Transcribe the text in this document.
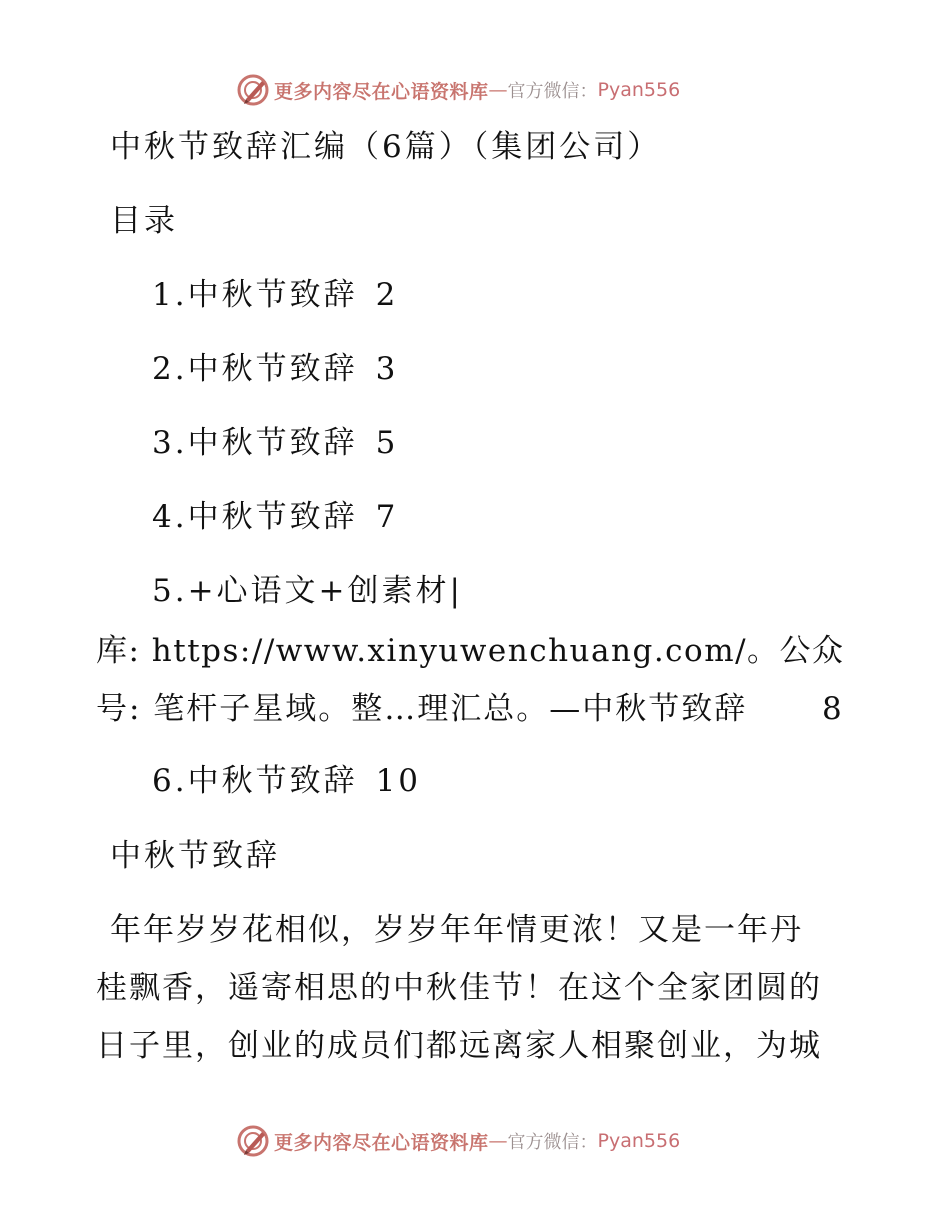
更多内容尽在心语资料库 — 官方微信： Pyan556
中秋节致辞汇编（6篇）（集团公司）
目录
1.中秋节致辞 2
2.中秋节致辞 3
3.中秋节致辞 5
4.中秋节致辞 7
5.+心语文+创素材|
库: https://www.xinyuwenchuang.com/。公众
号: 笔杆子星域。整…理汇总。—中秋节致辞 8
6.中秋节致辞 10
中秋节致辞
年年岁岁花相似，岁岁年年情更浓！又是一年丹
桂飘香，遥寄相思的中秋佳节！在这个全家团圆的
日子里，创业的成员们都远离家人相聚创业，为城
更多内容尽在心语资料库 — 官方微信： Pyan556
